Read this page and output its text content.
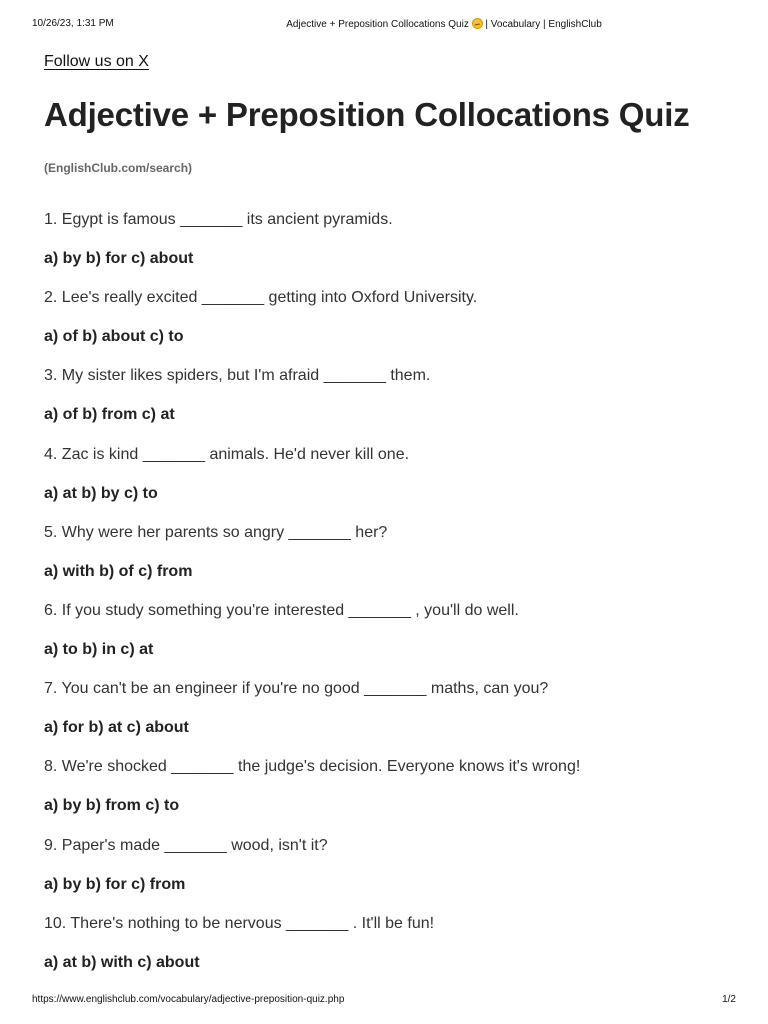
10/26/23, 1:31 PM	Adjective + Preposition Collocations Quiz  | Vocabulary | EnglishClub
Follow us on X
Adjective + Preposition Collocations Quiz
(EnglishClub.com/search)
1. Egypt is famous _______ its ancient pyramids.
a) by b) for c) about
2. Lee's really excited _______ getting into Oxford University.
a) of b) about c) to
3. My sister likes spiders, but I'm afraid _______ them.
a) of b) from c) at
4. Zac is kind _______ animals. He'd never kill one.
a) at b) by c) to
5. Why were her parents so angry _______ her?
a) with b) of c) from
6. If you study something you're interested _______ , you'll do well.
a) to b) in c) at
7. You can't be an engineer if you're no good _______ maths, can you?
a) for b) at c) about
8. We're shocked _______ the judge's decision. Everyone knows it's wrong!
a) by b) from c) to
9. Paper's made _______ wood, isn't it?
a) by b) for c) from
10. There's nothing to be nervous _______ . It'll be fun!
a) at b) with c) about
https://www.englishclub.com/vocabulary/adjective-preposition-quiz.php	1/2
